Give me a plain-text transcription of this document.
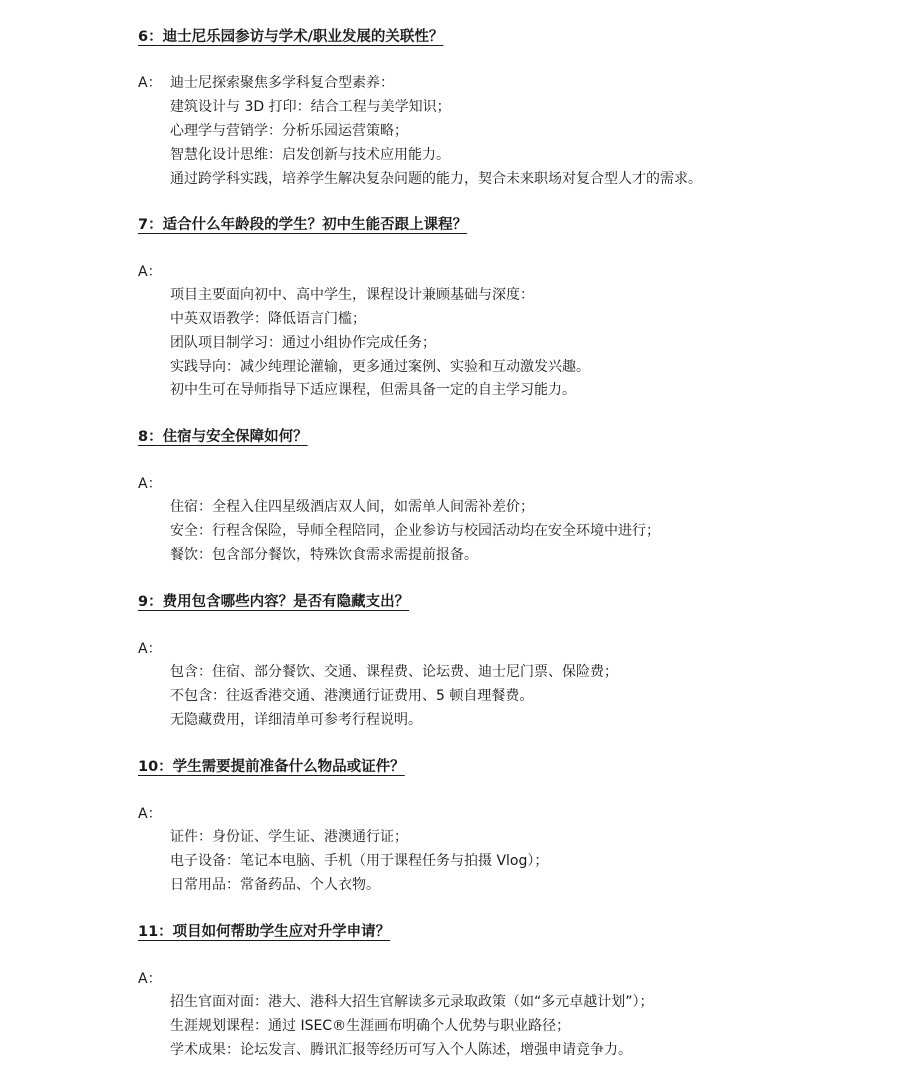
6：迪士尼乐园参访与学术/职业发展的关联性？
A： 迪士尼探索聚焦多学科复合型素养：
建筑设计与 3D 打印：结合工程与美学知识；
心理学与营销学：分析乐园运营策略；
智慧化设计思维：启发创新与技术应用能力。
通过跨学科实践，培养学生解决复杂问题的能力，契合未来职场对复合型人才的需求。
7：适合什么年龄段的学生？初中生能否跟上课程？
A：
项目主要面向初中、高中学生，课程设计兼顾基础与深度：
中英双语教学：降低语言门槛；
团队项目制学习：通过小组协作完成任务；
实践导向：减少纯理论灌输，更多通过案例、实验和互动激发兴趣。
初中生可在导师指导下适应课程，但需具备一定的自主学习能力。
8：住宿与安全保障如何？
A：
住宿：全程入住四星级酒店双人间，如需单人间需补差价；
安全：行程含保险，导师全程陪同，企业参访与校园活动均在安全环境中进行；
餐饮：包含部分餐饮，特殊饮食需求需提前报备。
9：费用包含哪些内容？是否有隐藏支出？
A：
包含：住宿、部分餐饮、交通、课程费、论坛费、迪士尼门票、保险费；
不包含：往返香港交通、港澳通行证费用、5 顿自理餐费。
无隐藏费用，详细清单可参考行程说明。
10：学生需要提前准备什么物品或证件？
A：
证件：身份证、学生证、港澳通行证；
电子设备：笔记本电脑、手机（用于课程任务与拍摄 Vlog）；
日常用品：常备药品、个人衣物。
11：项目如何帮助学生应对升学申请？
A：
招生官面对面：港大、港科大招生官解读多元录取政策（如“多元卓越计划”）；
生涯规划课程：通过 ISEC®生涯画布明确个人优势与职业路径；
学术成果：论坛发言、腾讯汇报等经历可写入个人陈述，增强申请竞争力。
